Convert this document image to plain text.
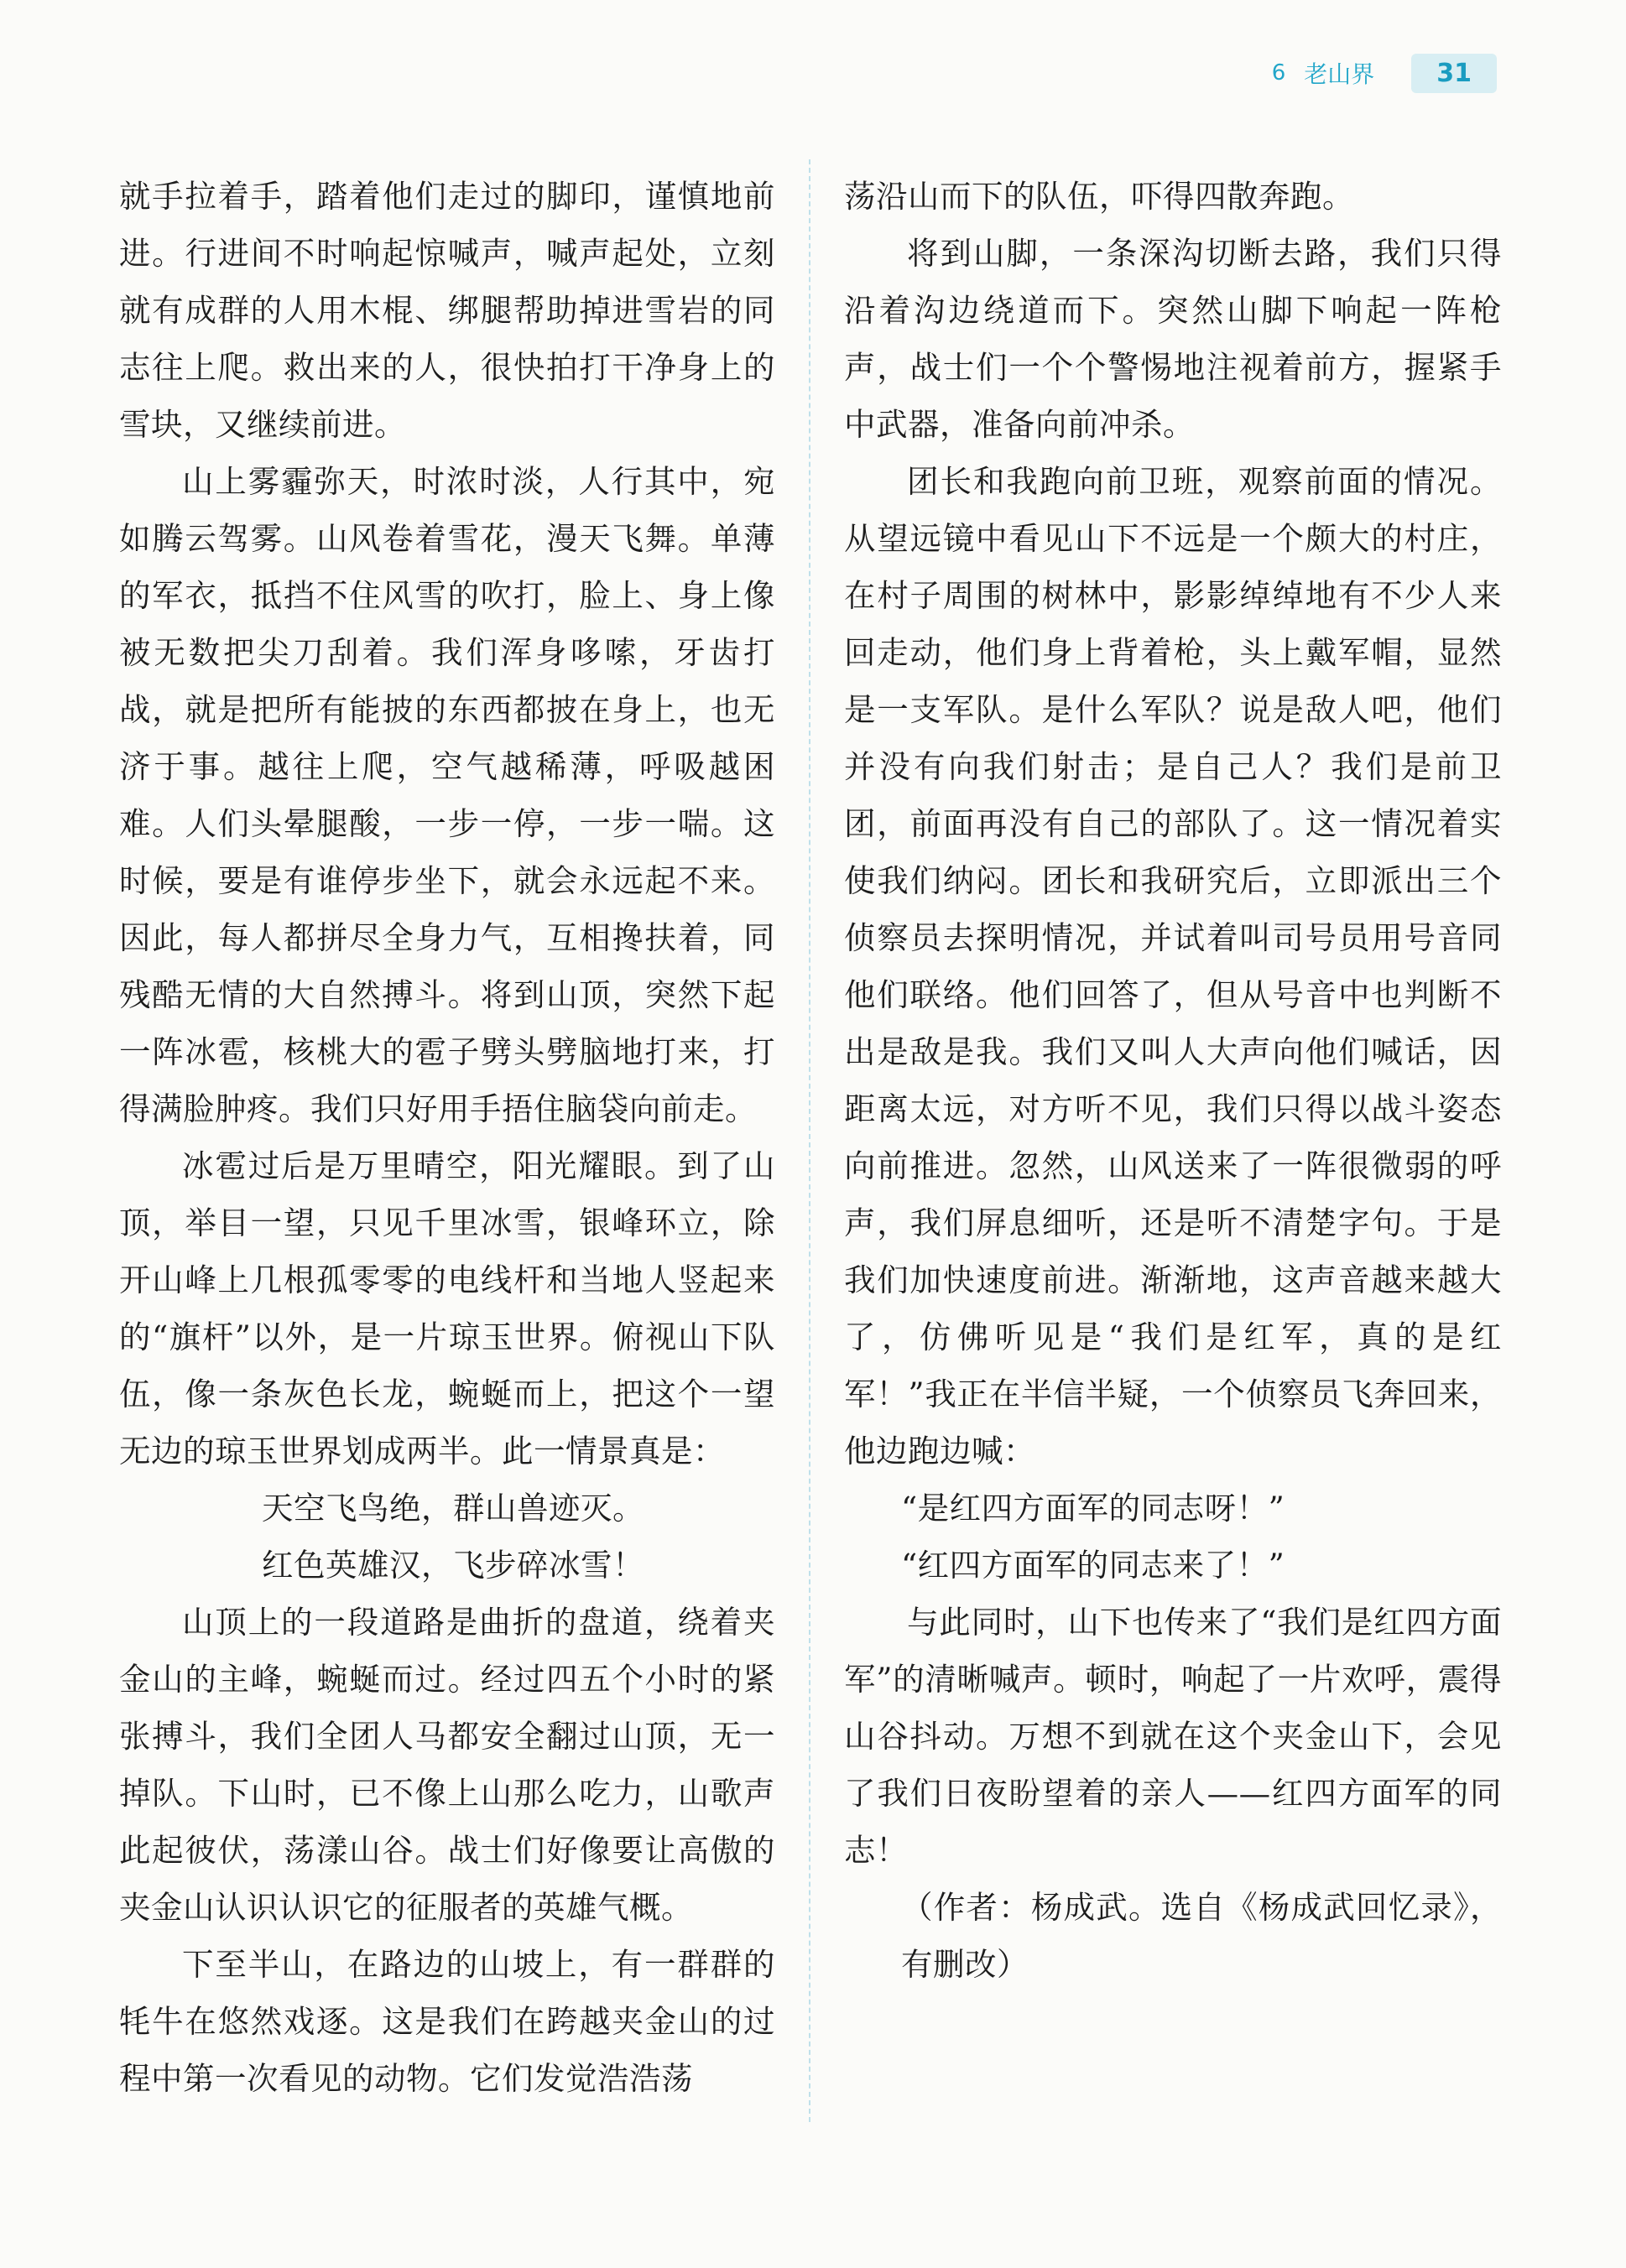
6 老山界	31

就手拉着手，踏着他们走过的脚印，谨慎地前进。行进间不时响起惊喊声，喊声起处，立刻就有成群的人用木棍、绑腿帮助掉进雪岩的同志往上爬。救出来的人，很快拍打干净身上的雪块，又继续前进。

山上雾霾弥天，时浓时淡，人行其中，宛如腾云驾雾。山风卷着雪花，漫天飞舞。单薄的军衣，抵挡不住风雪的吹打，脸上、身上像被无数把尖刀刮着。我们浑身哆嗦，牙齿打战，就是把所有能披的东西都披在身上，也无济于事。越往上爬，空气越稀薄，呼吸越困难。人们头晕腿酸，一步一停，一步一喘。这时候，要是有谁停步坐下，就会永远起不来。因此，每人都拼尽全身力气，互相搀扶着，同残酷无情的大自然搏斗。将到山顶，突然下起一阵冰雹，核桃大的雹子劈头劈脑地打来，打得满脸肿疼。我们只好用手捂住脑袋向前走。

冰雹过后是万里晴空，阳光耀眼。到了山顶，举目一望，只见千里冰雪，银峰环立，除开山峰上几根孤零零的电线杆和当地人竖起来的“旗杆”以外，是一片琼玉世界。俯视山下队伍，像一条灰色长龙，蜿蜒而上，把这个一望无边的琼玉世界划成两半。此一情景真是：

天空飞鸟绝，群山兽迹灭。

红色英雄汉，飞步碎冰雪！

山顶上的一段道路是曲折的盘道，绕着夹金山的主峰，蜿蜒而过。经过四五个小时的紧张搏斗，我们全团人马都安全翻过山顶，无一掉队。下山时，已不像上山那么吃力，山歌声此起彼伏，荡漾山谷。战士们好像要让高傲的夹金山认识认识它的征服者的英雄气概。

下至半山，在路边的山坡上，有一群群的牦牛在悠然戏逐。这是我们在跨越夹金山的过程中第一次看见的动物。它们发觉浩浩荡

荡沿山而下的队伍，吓得四散奔跑。

将到山脚，一条深沟切断去路，我们只得沿着沟边绕道而下。突然山脚下响起一阵枪声，战士们一个个警惕地注视着前方，握紧手中武器，准备向前冲杀。

团长和我跑向前卫班，观察前面的情况。从望远镜中看见山下不远是一个颇大的村庄，在村子周围的树林中，影影绰绰地有不少人来回走动，他们身上背着枪，头上戴军帽，显然是一支军队。是什么军队？说是敌人吧，他们并没有向我们射击；是自己人？我们是前卫团，前面再没有自己的部队了。这一情况着实使我们纳闷。团长和我研究后，立即派出三个侦察员去探明情况，并试着叫司号员用号音同他们联络。他们回答了，但从号音中也判断不出是敌是我。我们又叫人大声向他们喊话，因距离太远，对方听不见，我们只得以战斗姿态向前推进。忽然，山风送来了一阵很微弱的呼声，我们屏息细听，还是听不清楚字句。于是我们加快速度前进。渐渐地，这声音越来越大了，仿佛听见是“我们是红军，真的是红军！”我正在半信半疑，一个侦察员飞奔回来，他边跑边喊：

“是红四方面军的同志呀！”

“红四方面军的同志来了！”

与此同时，山下也传来了“我们是红四方面军”的清晰喊声。顿时，响起了一片欢呼，震得山谷抖动。万想不到就在这个夹金山下，会见了我们日夜盼望着的亲人——红四方面军的同志！

（作者：杨成武。选自《杨成武回忆录》，有删改）
